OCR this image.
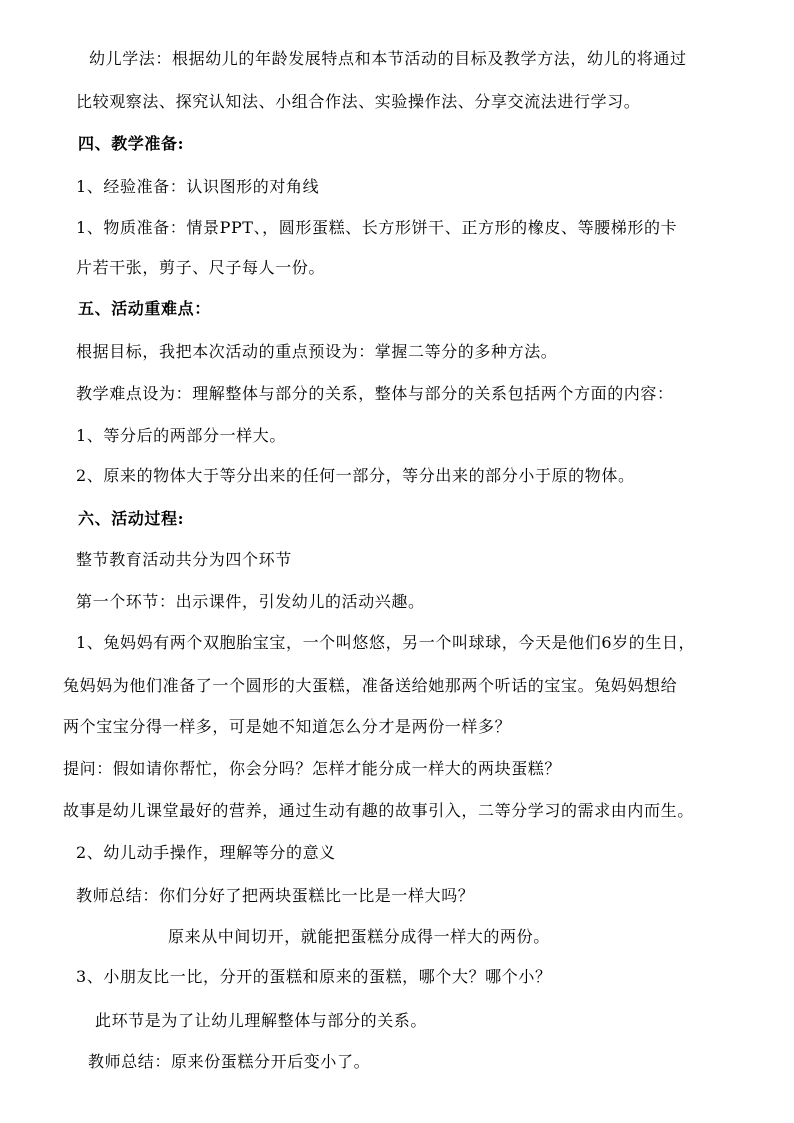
幼儿学法：根据幼儿的年龄发展特点和本节活动的目标及教学方法，幼儿的将通过
比较观察法、探究认知法、小组合作法、实验操作法、分享交流法进行学习。
四、教学准备:
1、经验准备：认识图形的对角线
1、物质准备：情景PPT、，圆形蛋糕、长方形饼干、正方形的橡皮、等腰梯形的卡
片若干张，剪子、尺子每人一份。
五、活动重难点：
根据目标，我把本次活动的重点预设为：掌握二等分的多种方法。
教学难点设为：理解整体与部分的关系，整体与部分的关系包括两个方面的内容：
1、等分后的两部分一样大。
2、原来的物体大于等分出来的任何一部分，等分出来的部分小于原的物体。
六、活动过程:
整节教育活动共分为四个环节
第一个环节：出示课件，引发幼儿的活动兴趣。
1、兔妈妈有两个双胞胎宝宝，一个叫悠悠，另一个叫球球，今天是他们6岁的生日，
兔妈妈为他们准备了一个圆形的大蛋糕，准备送给她那两个听话的宝宝。兔妈妈想给
两个宝宝分得一样多，可是她不知道怎么分才是两份一样多？
提问：假如请你帮忙，你会分吗？怎样才能分成一样大的两块蛋糕？
故事是幼儿课堂最好的营养，通过生动有趣的故事引入，二等分学习的需求由内而生。
2、幼儿动手操作，理解等分的意义
教师总结：你们分好了把两块蛋糕比一比是一样大吗？
原来从中间切开，就能把蛋糕分成得一样大的两份。
3、小朋友比一比，分开的蛋糕和原来的蛋糕，哪个大？哪个小？
此环节是为了让幼儿理解整体与部分的关系。
教师总结：原来份蛋糕分开后变小了。
